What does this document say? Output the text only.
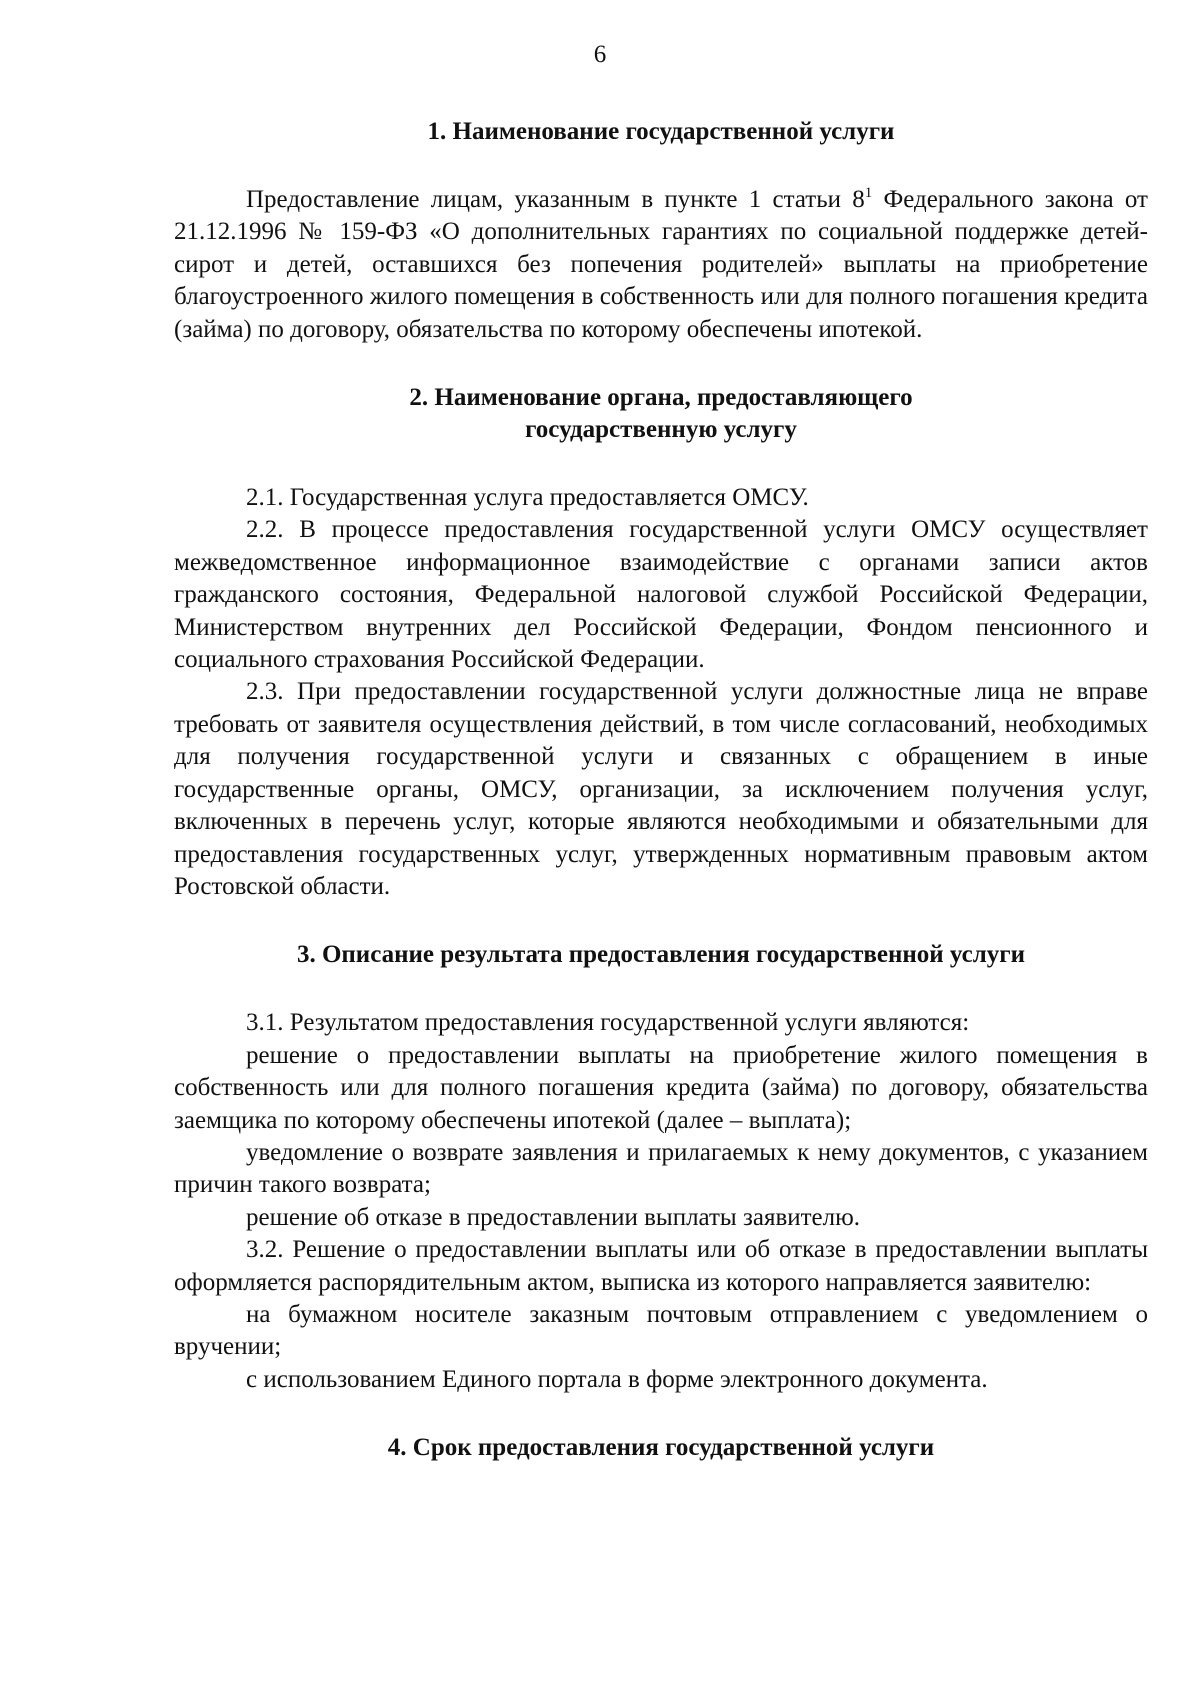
6
1. Наименование государственной услуги

Предоставление лицам, указанным в пункте 1 статьи $8^1$ Федерального закона от 21.12.1996 № 159-ФЗ «О дополнительных гарантиях по социальной поддержке детей-сирот и детей, оставшихся без попечения родителей» выплаты на приобретение благоустроенного жилого помещения в собственность или для полного погашения кредита (займа) по договору, обязательства по которому обеспечены ипотекой.

2. Наименование органа, предоставляющего
государственную услугу

2.1. Государственная услуга предоставляется ОМСУ.

2.2. В процессе предоставления государственной услуги ОМСУ осуществляет межведомственное информационное взаимодействие с органами записи актов гражданского состояния, Федеральной налоговой службой Российской Федерации, Министерством внутренних дел Российской Федерации, Фондом пенсионного и социального страхования Российской Федерации.

2.3. При предоставлении государственной услуги должностные лица не вправе требовать от заявителя осуществления действий, в том числе согласований, необходимых для получения государственной услуги и связанных с обращением в иные государственные органы, ОМСУ, организации, за исключением получения услуг, включенных в перечень услуг, которые являются необходимыми и обязательными для предоставления государственных услуг, утвержденных нормативным правовым актом Ростовской области.

3. Описание результата предоставления государственной услуги

3.1. Результатом предоставления государственной услуги являются:

решение о предоставлении выплаты на приобретение жилого помещения в собственность или для полного погашения кредита (займа) по договору, обязательства заемщика по которому обеспечены ипотекой (далее – выплата);

уведомление о возврате заявления и прилагаемых к нему документов, с указанием причин такого возврата;

решение об отказе в предоставлении выплаты заявителю.

3.2. Решение о предоставлении выплаты или об отказе в предоставлении выплаты оформляется распорядительным актом, выписка из которого направляется заявителю:

на бумажном носителе заказным почтовым отправлением с уведомлением о вручении;

с использованием Единого портала в форме электронного документа.

4. Срок предоставления государственной услуги
